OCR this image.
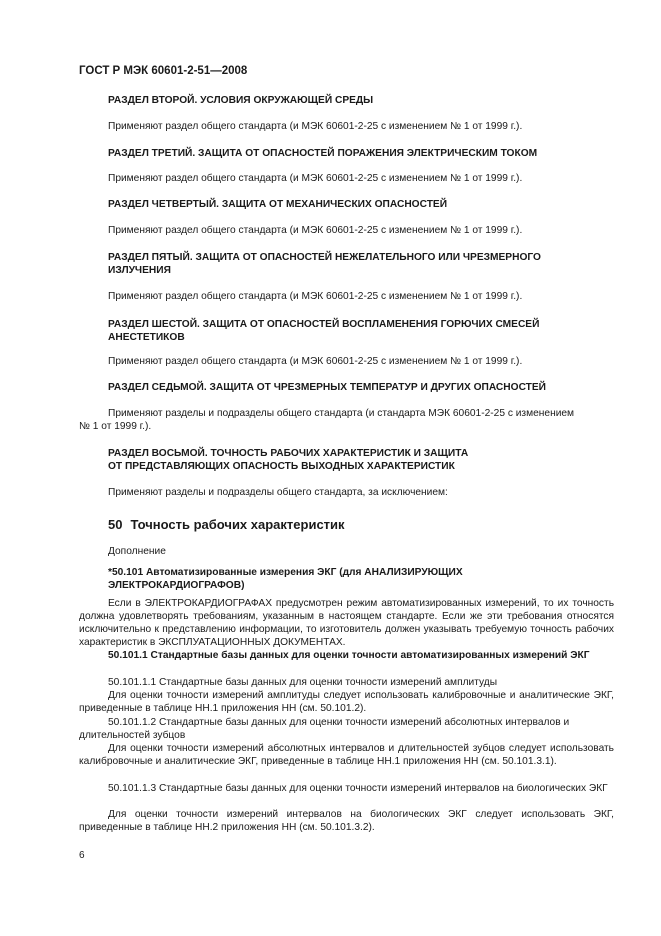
ГОСТ Р МЭК 60601-2-51—2008
РАЗДЕЛ ВТОРОЙ. УСЛОВИЯ ОКРУЖАЮЩЕЙ СРЕДЫ
Применяют раздел общего стандарта (и МЭК 60601-2-25 с изменением № 1 от 1999 г.).
РАЗДЕЛ ТРЕТИЙ. ЗАЩИТА ОТ ОПАСНОСТЕЙ ПОРАЖЕНИЯ ЭЛЕКТРИЧЕСКИМ ТОКОМ
Применяют раздел общего стандарта (и МЭК 60601-2-25 с изменением № 1 от 1999 г.).
РАЗДЕЛ ЧЕТВЕРТЫЙ. ЗАЩИТА ОТ МЕХАНИЧЕСКИХ ОПАСНОСТЕЙ
Применяют раздел общего стандарта (и МЭК 60601-2-25 с изменением № 1 от 1999 г.).
РАЗДЕЛ ПЯТЫЙ. ЗАЩИТА ОТ ОПАСНОСТЕЙ НЕЖЕЛАТЕЛЬНОГО ИЛИ ЧРЕЗМЕРНОГО
ИЗЛУЧЕНИЯ
Применяют раздел общего стандарта (и МЭК 60601-2-25 с изменением № 1 от 1999 г.).
РАЗДЕЛ ШЕСТОЙ. ЗАЩИТА ОТ ОПАСНОСТЕЙ ВОСПЛАМЕНЕНИЯ ГОРЮЧИХ СМЕСЕЙ
АНЕСТЕТИКОВ
Применяют раздел общего стандарта (и МЭК 60601-2-25 с изменением № 1 от 1999 г.).
РАЗДЕЛ СЕДЬМОЙ. ЗАЩИТА ОТ ЧРЕЗМЕРНЫХ ТЕМПЕРАТУР И ДРУГИХ ОПАСНОСТЕЙ
Применяют разделы и подразделы общего стандарта (и стандарта МЭК 60601-2-25 с изменением
№ 1 от 1999 г.).
РАЗДЕЛ ВОСЬМОЙ. ТОЧНОСТЬ РАБОЧИХ ХАРАКТЕРИСТИК И ЗАЩИТА
ОТ ПРЕДСТАВЛЯЮЩИХ ОПАСНОСТЬ ВЫХОДНЫХ ХАРАКТЕРИСТИК
Применяют разделы и подразделы общего стандарта, за исключением:
50 Точность рабочих характеристик
Дополнение
*50.101 Автоматизированные измерения ЭКГ (для АНАЛИЗИРУЮЩИХ
ЭЛЕКТРОКАРДИОГРАФОВ)
Если в ЭЛЕКТРОКАРДИОГРАФАХ предусмотрен режим автоматизированных измерений, то их точность должна удовлетворять требованиям, указанным в настоящем стандарте. Если же эти требования относятся исключительно к представлению информации, то изготовитель должен указывать требуемую точность рабочих характеристик в ЭКСПЛУАТАЦИОННЫХ ДОКУМЕНТАХ.
50.101.1 Стандартные базы данных для оценки точности автоматизированных измерений ЭКГ
50.101.1.1 Стандартные базы данных для оценки точности измерений амплитуды
Для оценки точности измерений амплитуды следует использовать калибровочные и аналитические ЭКГ, приведенные в таблице НН.1 приложения НН (см. 50.101.2).
50.101.1.2 Стандартные базы данных для оценки точности измерений абсолютных интервалов и длительностей зубцов
Для оценки точности измерений абсолютных интервалов и длительностей зубцов следует использовать калибровочные и аналитические ЭКГ, приведенные в таблице НН.1 приложения НН (см. 50.101.3.1).
50.101.1.3 Стандартные базы данных для оценки точности измерений интервалов на биологических ЭКГ
Для оценки точности измерений интервалов на биологических ЭКГ следует использовать ЭКГ, приведенные в таблице НН.2 приложения НН (см. 50.101.3.2).
6
